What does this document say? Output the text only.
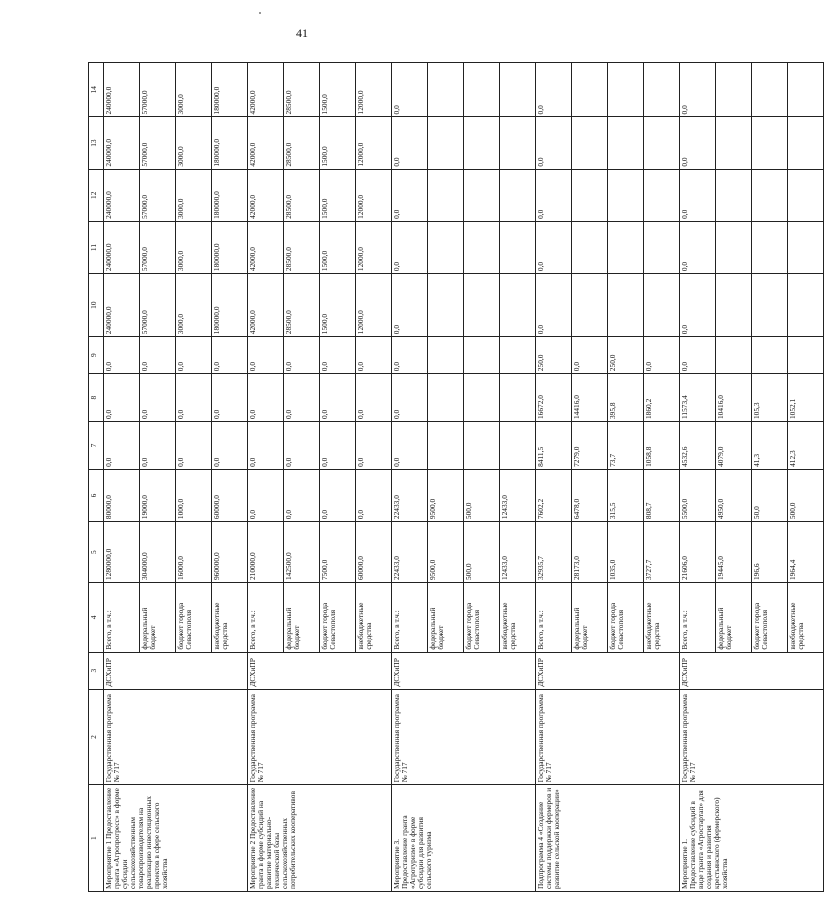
41
1	2	3	4	5	6	7	8	9	10	11	12	13	14
Мероприятие 1 Предоставление гранта «Агропрогресс» в форме субсидии сельскохозяйственным товаропроизводителям на реализацию инвестиционных проектов в сфере сельского хозяйства	Государственная программа № 717	ДСХиПР	Всего, в т.ч.:	1280000,0	80000,0	0,0	0,0	0,0	240000,0	240000,0	240000,0	240000,0	240000,0
			федеральный бюджет	304000,0	19000,0	0,0	0,0	0,0	57000,0	57000,0	57000,0	57000,0	57000,0
			бюджет города Севастополя	16000,0	1000,0	0,0	0,0	0,0	3000,0	3000,0	3000,0	3000,0	3000,0
			внебюджетные средства	960000,0	60000,0	0,0	0,0	0,0	180000,0	180000,0	180000,0	180000,0	180000,0
Мероприятие 2 Предоставление гранта в форме субсидий на развитие материально-технической базы сельскохозяйственных потребительских кооперативов	Государственная программа № 717	ДСХиПР	Всего, в т.ч.:	210000,0	0,0	0,0	0,0	0,0	42000,0	42000,0	42000,0	42000,0	42000,0
			федеральный бюджет	142500,0	0,0	0,0	0,0	0,0	28500,0	28500,0	28500,0	28500,0	28500,0
			бюджет города Севастополя	7500,0	0,0	0,0	0,0	0,0	1500,0	1500,0	1500,0	1500,0	1500,0
			внебюджетные средства	60000,0	0,0	0,0	0,0	0,0	12000,0	12000,0	12000,0	12000,0	12000,0
Мероприятие 3. Предоставление гранта «Агротуризм» в форме субсидии для развития сельского туризма	Государственная программа № 717	ДСХиПР	Всего, в т.ч.:	22433,0	22433,0	0,0	0,0	0,0	0,0	0,0	0,0	0,0	0,0
			федеральный бюджет	9500,0	9500,0								
			бюджет города Севастополя	500,0	500,0								
			внебюджетные средства	12433,0	12433,0								
Подпрограмма 4 «Создание системы поддержки фермеров и развитие сельской кооперации»	Государственная программа № 717	ДСХиПР	Всего, в т.ч.:	32935,7	7602,2	8411,5	16672,0	250,0	0,0	0,0	0,0	0,0	0,0
			федеральный бюджет	28173,0	6478,0	7279,0	14416,0	0,0					
			бюджет города Севастополя	1035,0	315,5	73,7	395,8	250,0					
			внебюджетные средства	3727,7	808,7	1058,8	1860,2	0,0					
Мероприятие 1. Предоставление субсидий в виде гранта «Агростартап» для создания и развития крестьянского (фермерского) хозяйства	Государственная программа № 717	ДСХиПР	Всего, в т.ч.:	21606,0	5500,0	4532,6	11573,4	0,0	0,0	0,0	0,0	0,0	0,0
			федеральный бюджет	19445,0	4950,0	4079,0	10416,0						
			бюджет города Севастополя	196,6	50,0	41,3	105,3						
			внебюджетные средства	1964,4	500,0	412,3	1052,1						
